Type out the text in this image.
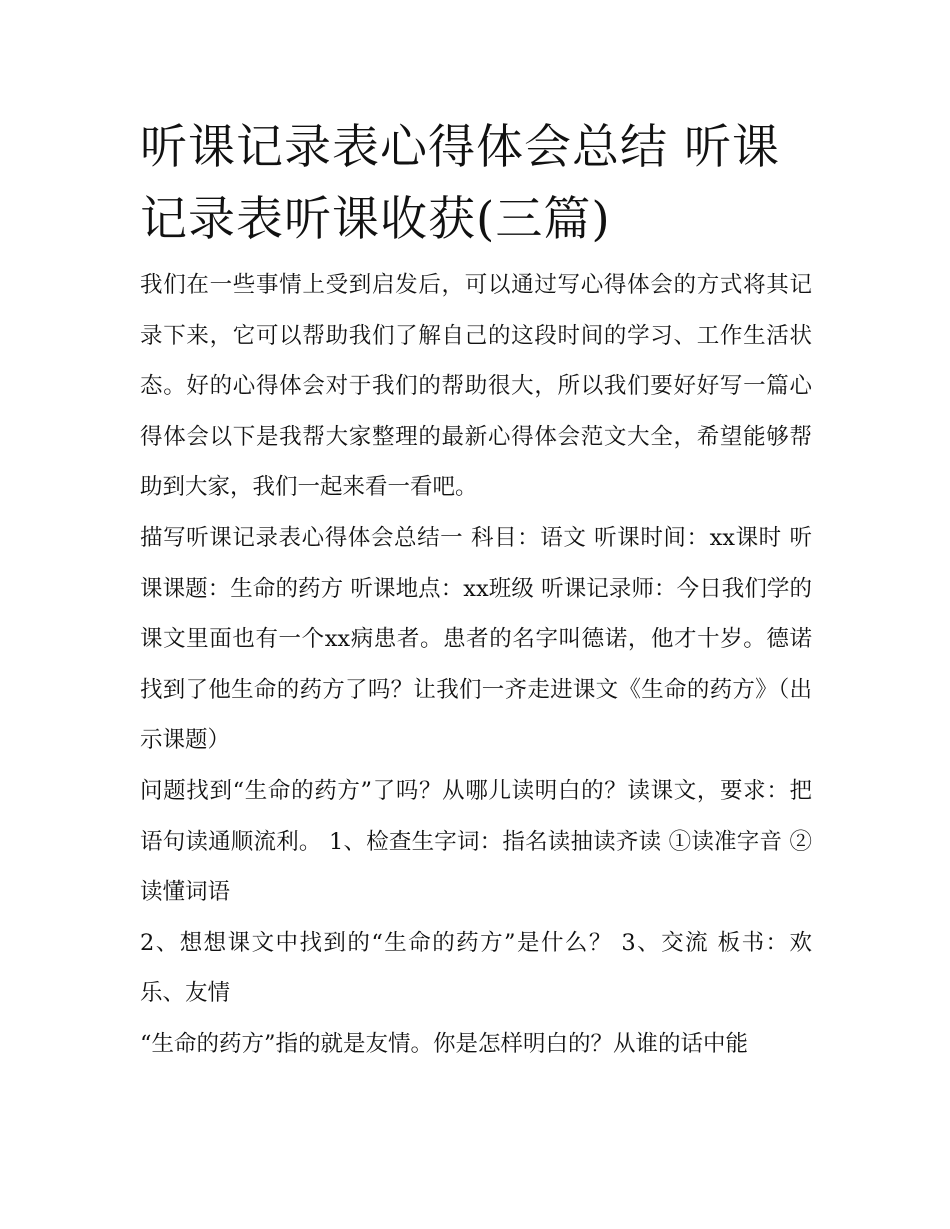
听课记录表心得体会总结 听课记录表听课收获(三篇)

我们在一些事情上受到启发后，可以通过写心得体会的方式将其记录下来，它可以帮助我们了解自己的这段时间的学习、工作生活状态。好的心得体会对于我们的帮助很大，所以我们要好好写一篇心得体会以下是我帮大家整理的最新心得体会范文大全，希望能够帮助到大家，我们一起来看一看吧。

描写听课记录表心得体会总结一 科目：语文 听课时间：xx课时 听课课题：生命的药方 听课地点：xx班级 听课记录师：今日我们学的课文里面也有一个xx病患者。患者的名字叫德诺，他才十岁。德诺找到了他生命的药方了吗？让我们一齐走进课文《生命的药方》（出示课题）

问题找到“生命的药方”了吗？从哪儿读明白的？读课文，要求：把语句读通顺流利。 1、检查生字词：指名读抽读齐读 ①读准字音 ②读懂词语

2、想想课文中找到的“生命的药方”是什么？ 3、交流 板书：欢乐、友情

“生命的药方”指的就是友情。你是怎样明白的？从谁的话中能
